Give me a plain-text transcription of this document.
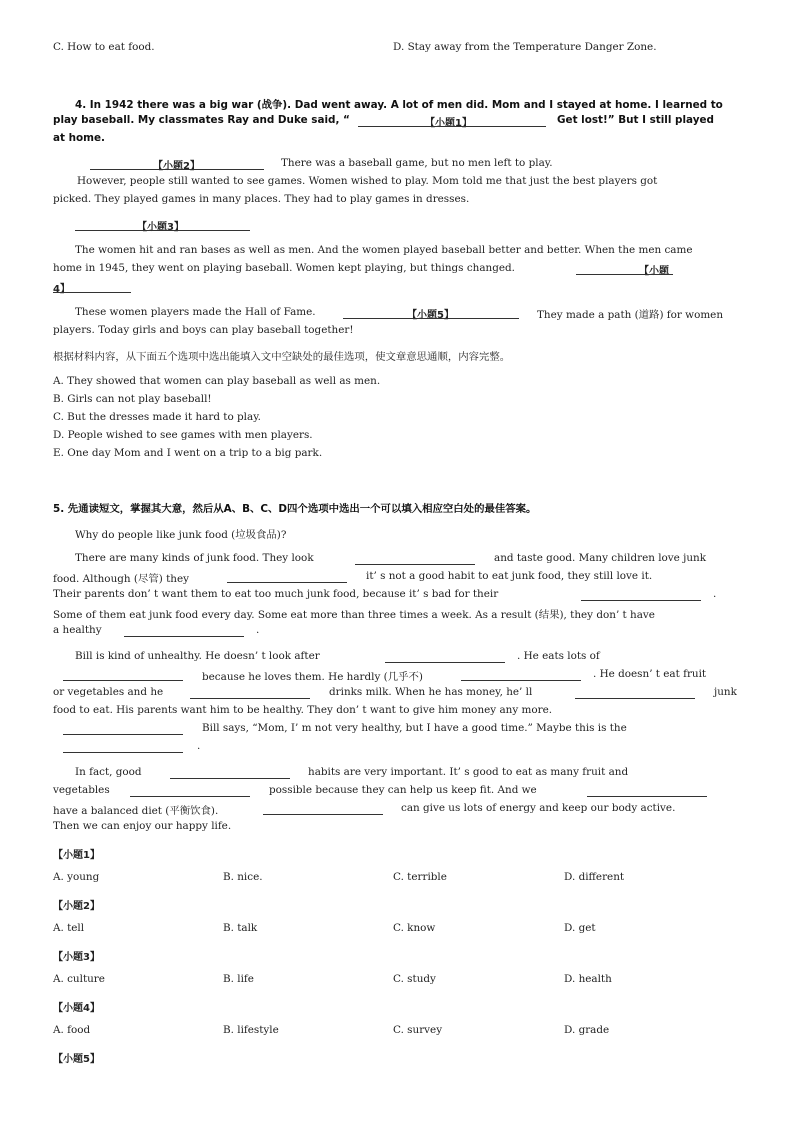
C. How to eat food.	D. Stay away from the Temperature Danger Zone.
4. In 1942 there was a big war (战争). Dad went away. A lot of men did. Mom and I stayed at home. I learned to
play baseball. My classmates Ray and Duke said, “	【小题1】	Get lost!” But I still played
at home.
【小题2】	There was a baseball game, but no men left to play.
However, people still wanted to see games. Women wished to play. Mom told me that just the best players got
picked. They played games in many places. They had to play games in dresses.
【小题3】
The women hit and ran bases as well as men. And the women played baseball better and better. When the men came
home in 1945, they went on playing baseball. Women kept playing, but things changed.	【小题
4】
These women players made the Hall of Fame.	【小题5】	They made a path (道路) for women
players. Today girls and boys can play baseball together!
根据材料内容，从下面五个选项中选出能填入文中空缺处的最佳选项，使文章意思通顺，内容完整。
A. They showed that women can play baseball as well as men.
B. Girls can not play baseball!
C. But the dresses made it hard to play.
D. People wished to see games with men players.
E. One day Mom and I went on a trip to a big park.
5. 先通读短文，掌握其大意，然后从A、B、C、D四个选项中选出一个可以填入相应空白处的最佳答案。
Why do people like junk food (垃圾食品)?
There are many kinds of junk food. They look	and taste good. Many children love junk
food. Although (尽管) they	it’ s not a good habit to eat junk food, they still love it.
Their parents don’ t want them to eat too much junk food, because it’ s bad for their	.
Some of them eat junk food every day. Some eat more than three times a week. As a result (结果), they don’ t have
a healthy	.
Bill is kind of unhealthy. He doesn’ t look after	. He eats lots of
because he loves them. He hardly (几乎不)	. He doesn’ t eat fruit
or vegetables and he	drinks milk. When he has money, he’ ll	junk
food to eat. His parents want him to be healthy. They don’ t want to give him money any more.
Bill says, “Mom, I’ m not very healthy, but I have a good time.” Maybe this is the
.
In fact, good	habits are very important. It’ s good to eat as many fruit and
vegetables	possible because they can help us keep fit. And we
have a balanced diet (平衡饮食).	can give us lots of energy and keep our body active.
Then we can enjoy our happy life.
【小题1】
A. young	B. nice.	C. terrible	D. different
【小题2】
A. tell	B. talk	C. know	D. get
【小题3】
A. culture	B. life	C. study	D. health
【小题4】
A. food	B. lifestyle	C. survey	D. grade
【小题5】
